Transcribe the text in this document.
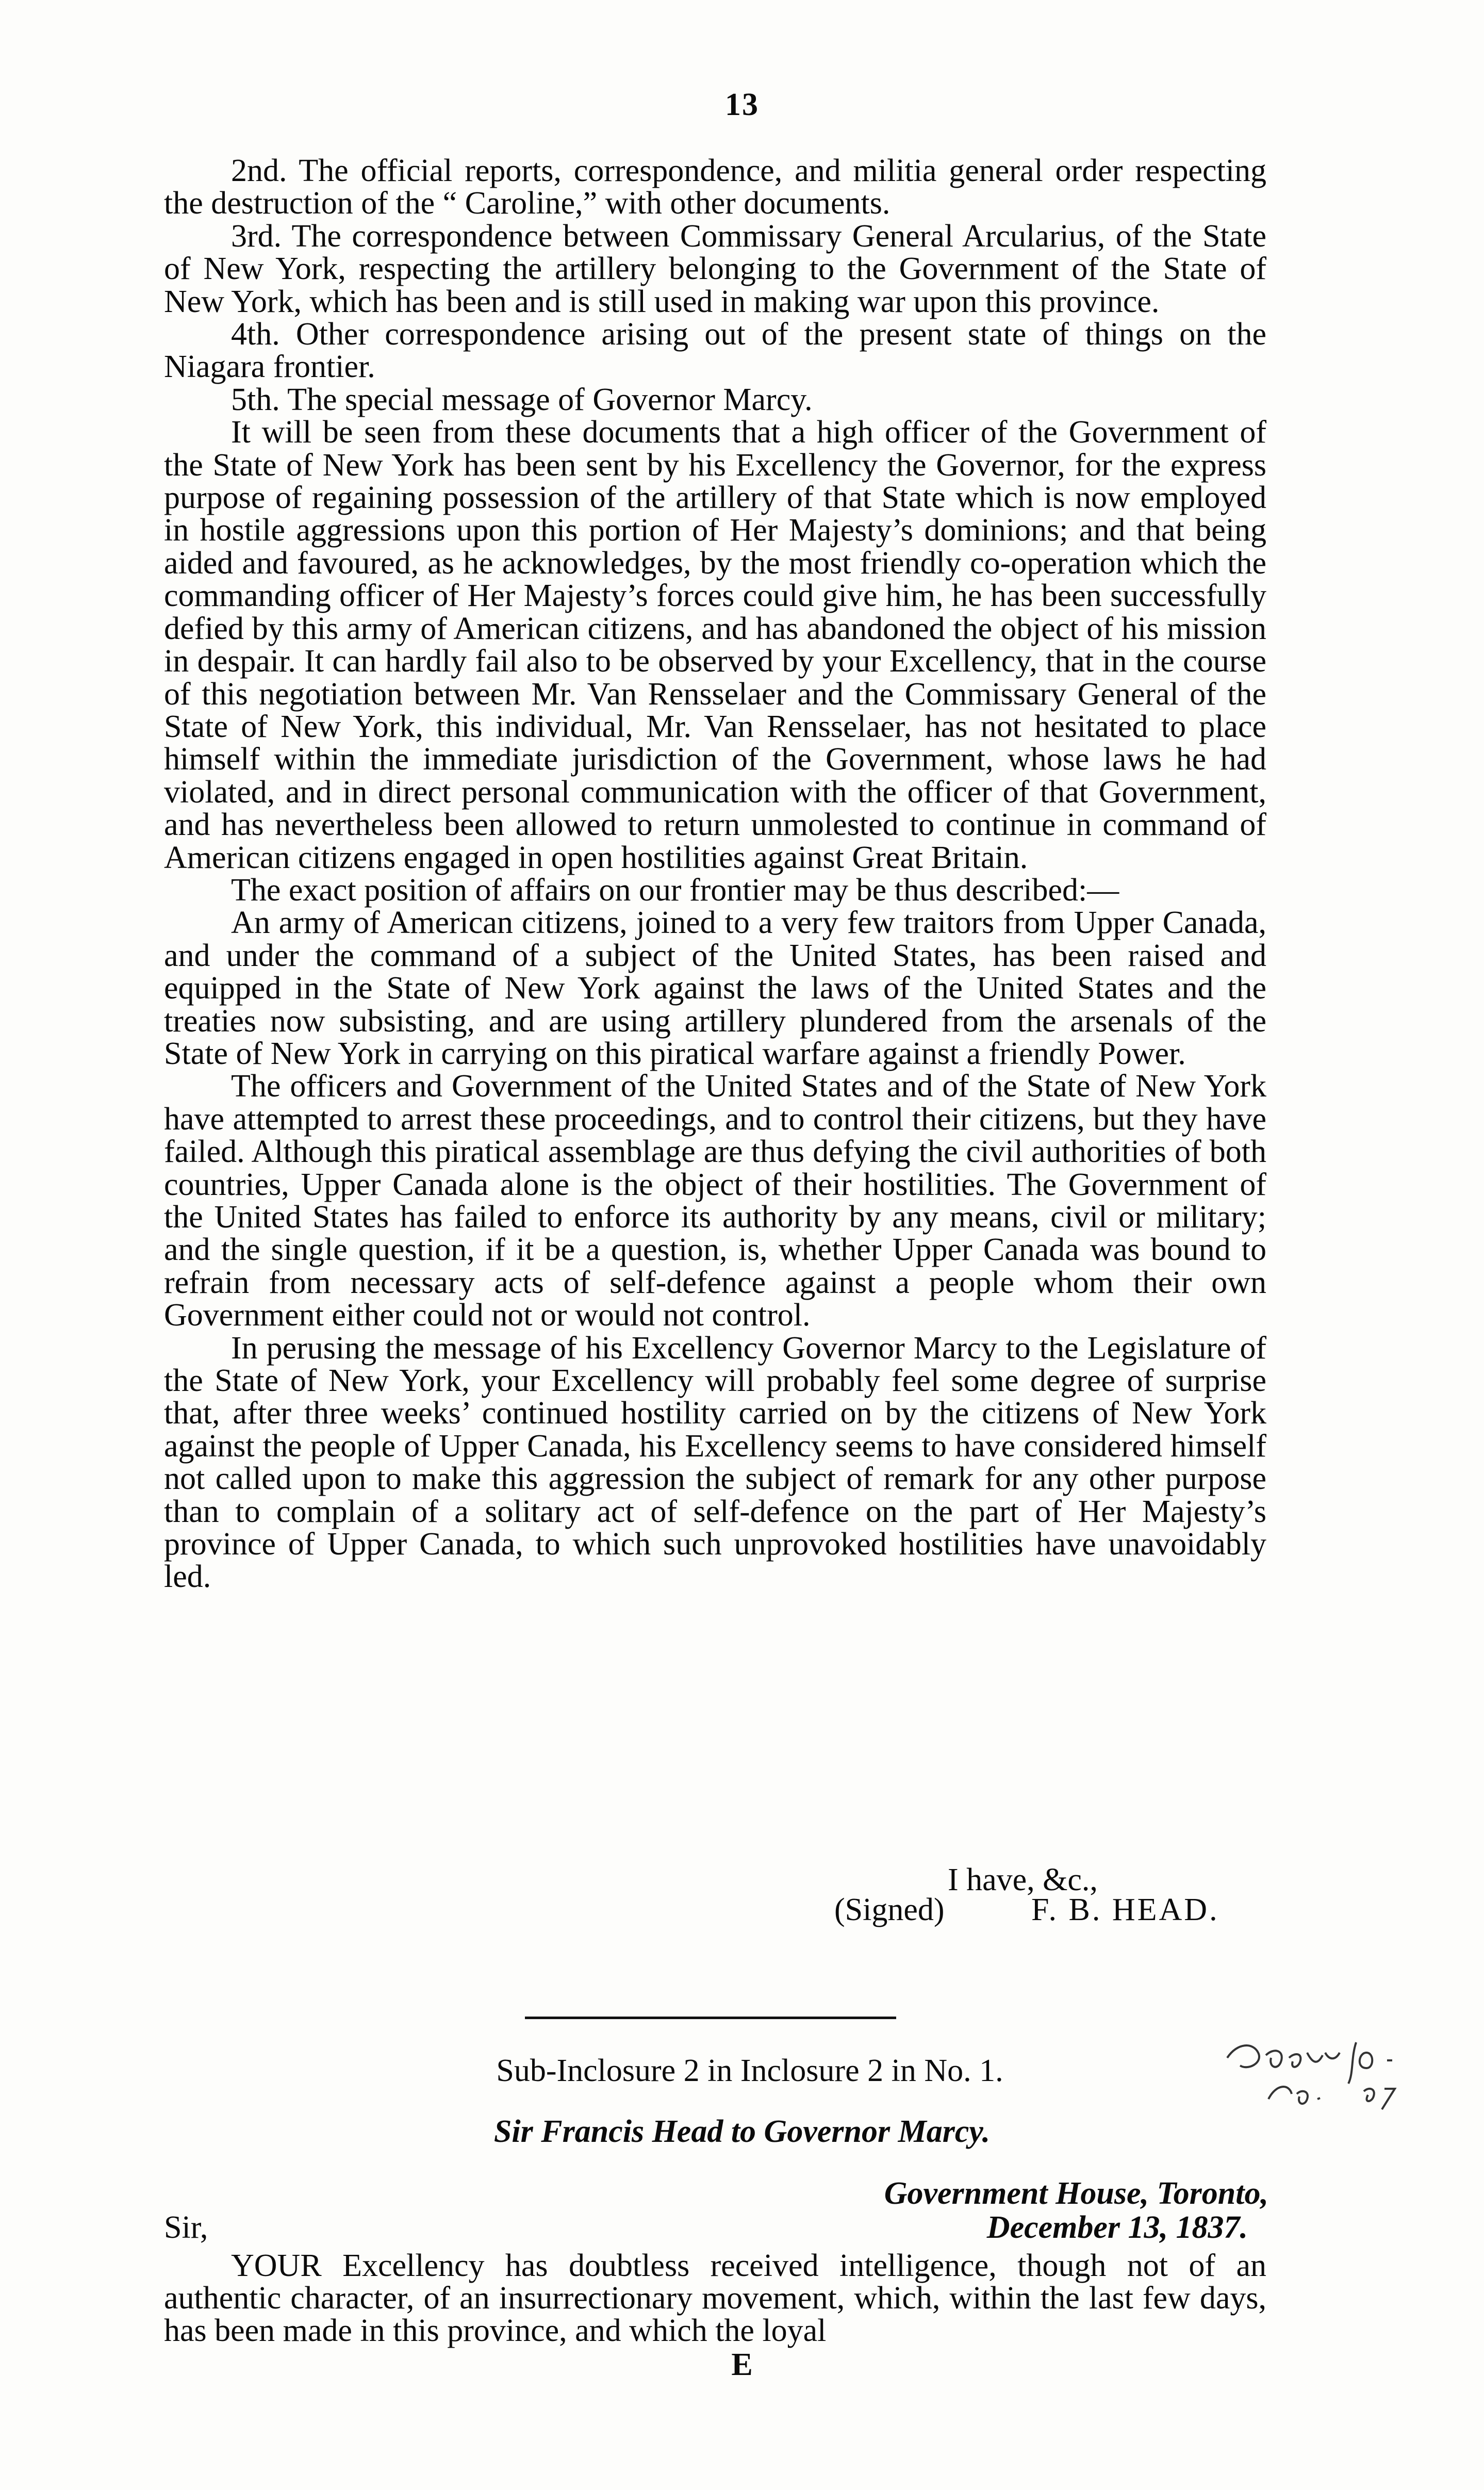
13

2nd. The official reports, correspondence, and militia general order respecting the destruction of the “ Caroline,” with other documents.

3rd. The correspondence between Commissary General Arcularius, of the State of New York, respecting the artillery belonging to the Government of the State of New York, which has been and is still used in making war upon this province.

4th. Other correspondence arising out of the present state of things on the Niagara frontier.

5th. The special message of Governor Marcy.

It will be seen from these documents that a high officer of the Government of the State of New York has been sent by his Excellency the Governor, for the express purpose of regaining possession of the artillery of that State which is now employed in hostile aggressions upon this portion of Her Majesty’s dominions; and that being aided and favoured, as he acknowledges, by the most friendly co-operation which the commanding officer of Her Majesty’s forces could give him, he has been successfully defied by this army of American citizens, and has abandoned the object of his mission in despair. It can hardly fail also to be observed by your Excellency, that in the course of this negotiation between Mr. Van Rensselaer and the Commissary General of the State of New York, this individual, Mr. Van Rensselaer, has not hesitated to place himself within the immediate jurisdiction of the Government, whose laws he had violated, and in direct personal communication with the officer of that Government, and has nevertheless been allowed to return unmolested to continue in command of American citizens engaged in open hostilities against Great Britain.

The exact position of affairs on our frontier may be thus described:—

An army of American citizens, joined to a very few traitors from Upper Canada, and under the command of a subject of the United States, has been raised and equipped in the State of New York against the laws of the United States and the treaties now subsisting, and are using artillery plundered from the arsenals of the State of New York in carrying on this piratical warfare against a friendly Power.

The officers and Government of the United States and of the State of New York have attempted to arrest these proceedings, and to control their citizens, but they have failed. Although this piratical assemblage are thus defying the civil authorities of both countries, Upper Canada alone is the object of their hostilities. The Government of the United States has failed to enforce its authority by any means, civil or military; and the single question, if it be a question, is, whether Upper Canada was bound to refrain from necessary acts of self-defence against a people whom their own Government either could not or would not control.

In perusing the message of his Excellency Governor Marcy to the Legislature of the State of New York, your Excellency will probably feel some degree of surprise that, after three weeks’ continued hostility carried on by the citizens of New York against the people of Upper Canada, his Excellency seems to have considered himself not called upon to make this aggression the subject of remark for any other purpose than to complain of a solitary act of self-defence on the part of Her Majesty’s province of Upper Canada, to which such unprovoked hostilities have unavoidably led.

I have, &c.,
(Signed)	F. B. HEAD.
Sub-Inclosure 2 in Inclosure 2 in No. 1.
Sir Francis Head to Governor Marcy.
Government House, Toronto,
Sir,	December 13, 1837.

YOUR Excellency has doubtless received intelligence, though not of an authentic character, of an insurrectionary movement, which, within the last few days, has been made in this province, and which the loyal

E
